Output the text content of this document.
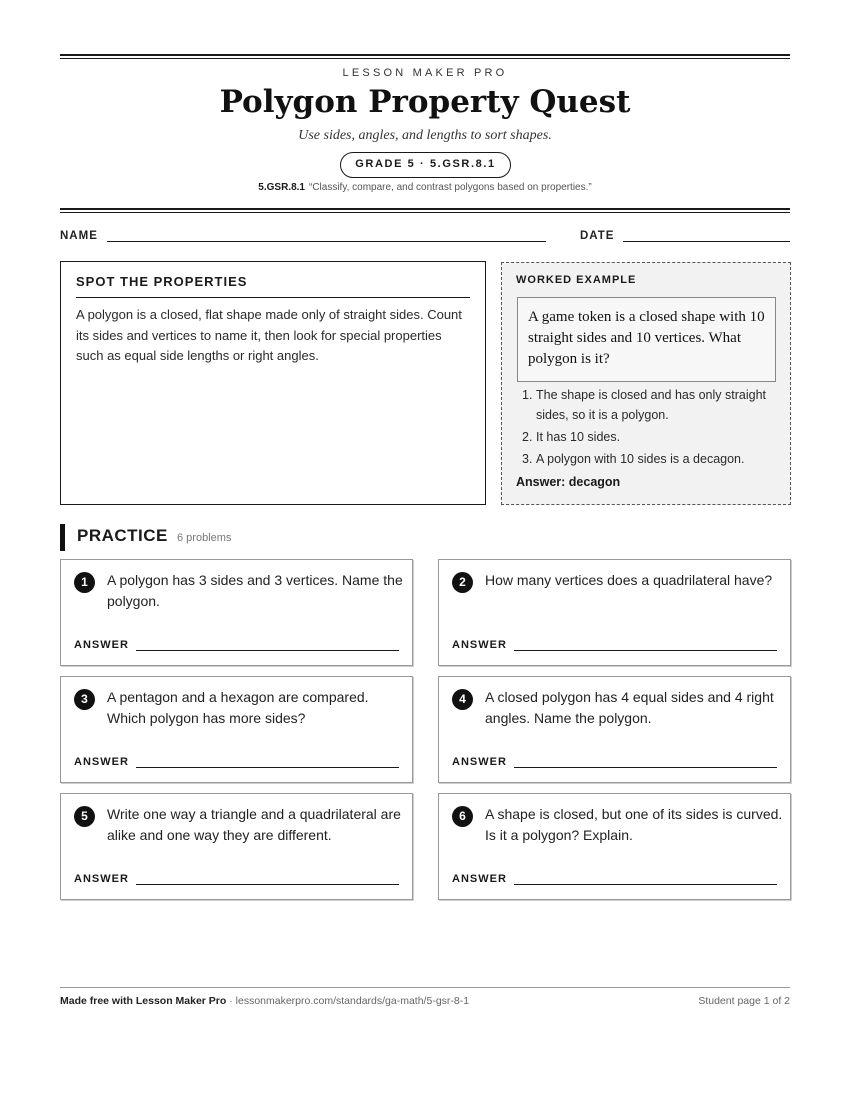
LESSON MAKER PRO
Polygon Property Quest
Use sides, angles, and lengths to sort shapes.
GRADE 5 · 5.GSR.8.1
5.GSR.8.1 “Classify, compare, and contrast polygons based on properties.”
NAME	DATE
SPOT THE PROPERTIES

A polygon is a closed, flat shape made only of straight sides. Count its sides and vertices to name it, then look for special properties such as equal side lengths or right angles.

WORKED EXAMPLE
A game token is a closed shape with 10 straight sides and 10 vertices. What polygon is it?
1. The shape is closed and has only straight sides, so it is a polygon.
2. It has 10 sides.
3. A polygon with 10 sides is a decagon.
Answer: decagon
PRACTICE 6 problems
1	A polygon has 3 sides and 3 vertices. Name the polygon.
ANSWER
2	How many vertices does a quadrilateral have?
ANSWER
3	A pentagon and a hexagon are compared. Which polygon has more sides?
ANSWER
4	A closed polygon has 4 equal sides and 4 right angles. Name the polygon.
ANSWER
5	Write one way a triangle and a quadrilateral are alike and one way they are different.
ANSWER
6	A shape is closed, but one of its sides is curved. Is it a polygon? Explain.
ANSWER
Made free with Lesson Maker Pro · lessonmakerpro.com/standards/ga-math/5-gsr-8-1	Student page 1 of 2
